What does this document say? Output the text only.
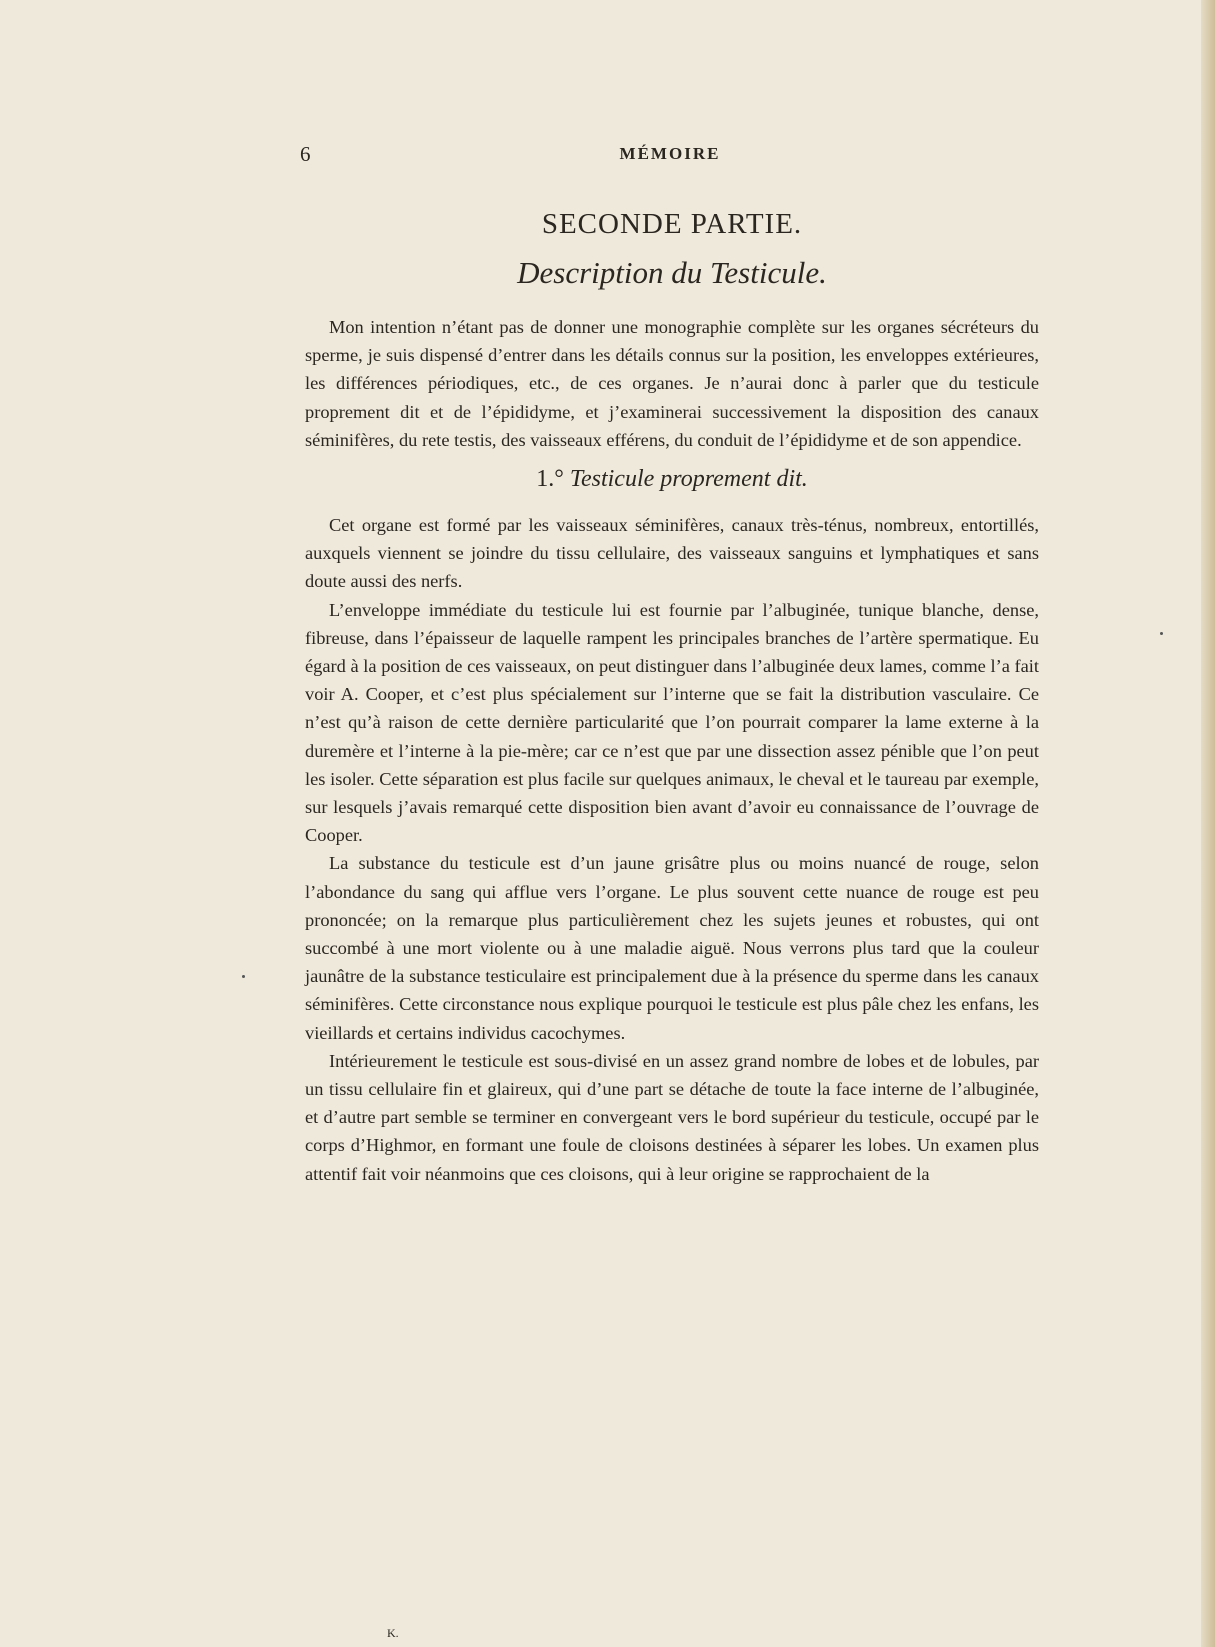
6	MÉMOIRE
SECONDE PARTIE.
Description du Testicule.

Mon intention n’étant pas de donner une monographie complète sur les organes sécréteurs du sperme, je suis dispensé d’entrer dans les détails connus sur la position, les enveloppes extérieures, les différences périodiques, etc., de ces organes. Je n’aurai donc à parler que du testicule proprement dit et de l’épididyme, et j’examinerai successivement la disposition des canaux séminifères, du rete testis, des vaisseaux efférens, du conduit de l’épididyme et de son appendice.

1.° Testicule proprement dit.

Cet organe est formé par les vaisseaux séminifères, canaux très-ténus, nombreux, entortillés, auxquels viennent se joindre du tissu cellulaire, des vaisseaux sanguins et lymphatiques et sans doute aussi des nerfs.

L’enveloppe immédiate du testicule lui est fournie par l’albuginée, tunique blanche, dense, fibreuse, dans l’épaisseur de laquelle rampent les principales branches de l’artère spermatique. Eu égard à la position de ces vaisseaux, on peut distinguer dans l’albuginée deux lames, comme l’a fait voir A. Cooper, et c’est plus spécialement sur l’interne que se fait la distribution vasculaire. Ce n’est qu’à raison de cette dernière particularité que l’on pourrait comparer la lame externe à la duremère et l’interne à la pie-mère; car ce n’est que par une dissection assez pénible que l’on peut les isoler. Cette séparation est plus facile sur quelques animaux, le cheval et le taureau par exemple, sur lesquels j’avais remarqué cette disposition bien avant d’avoir eu connaissance de l’ouvrage de Cooper.

La substance du testicule est d’un jaune grisâtre plus ou moins nuancé de rouge, selon l’abondance du sang qui afflue vers l’organe. Le plus souvent cette nuance de rouge est peu prononcée; on la remarque plus particulièrement chez les sujets jeunes et robustes, qui ont succombé à une mort violente ou à une maladie aiguë. Nous verrons plus tard que la couleur jaunâtre de la substance testiculaire est principalement due à la présence du sperme dans les canaux séminifères. Cette circonstance nous explique pourquoi le testicule est plus pâle chez les enfans, les vieillards et certains individus cacochymes.

Intérieurement le testicule est sous-divisé en un assez grand nombre de lobes et de lobules, par un tissu cellulaire fin et glaireux, qui d’une part se détache de toute la face interne de l’albuginée, et d’autre part semble se terminer en convergeant vers le bord supérieur du testicule, occupé par le corps d’Highmor, en formant une foule de cloisons destinées à séparer les lobes. Un examen plus attentif fait voir néanmoins que ces cloisons, qui à leur origine se rapprochaient de la

K.
